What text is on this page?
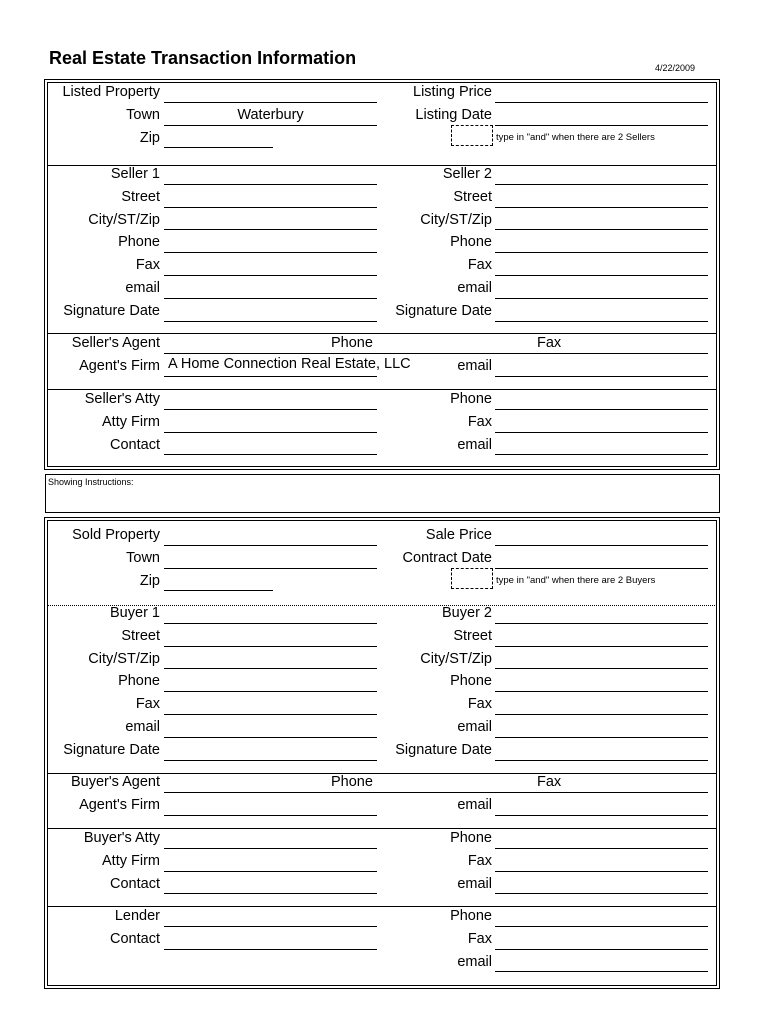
Real Estate Transaction Information	4/22/2009
Showing Instructions:
Listed Property	Listing Price
Town	Waterbury	Listing Date
Zip	type in "and" when there are 2 Sellers
Seller 1	Seller 2
Street	Street
City/ST/Zip	City/ST/Zip
Phone	Phone
Fax	Fax
email	email
Signature Date	Signature Date
Seller's Agent	Phone	Fax
Agent's Firm A Home Connection Real Estate, LLC	email
Seller's Atty	Phone
Atty Firm	Fax
Contact	email
Sold Property	Sale Price
Town	Contract Date
Zip	type in "and" when there are 2 Buyers
Buyer 1	Buyer 2
Street	Street
City/ST/Zip	City/ST/Zip
Phone	Phone
Fax	Fax
email	email
Signature Date	Signature Date
Buyer's Agent	Phone	Fax
Agent's Firm	email
Buyer's Atty	Phone
Atty Firm	Fax
Contact	email
Lender	Phone
Contact	Fax
email
